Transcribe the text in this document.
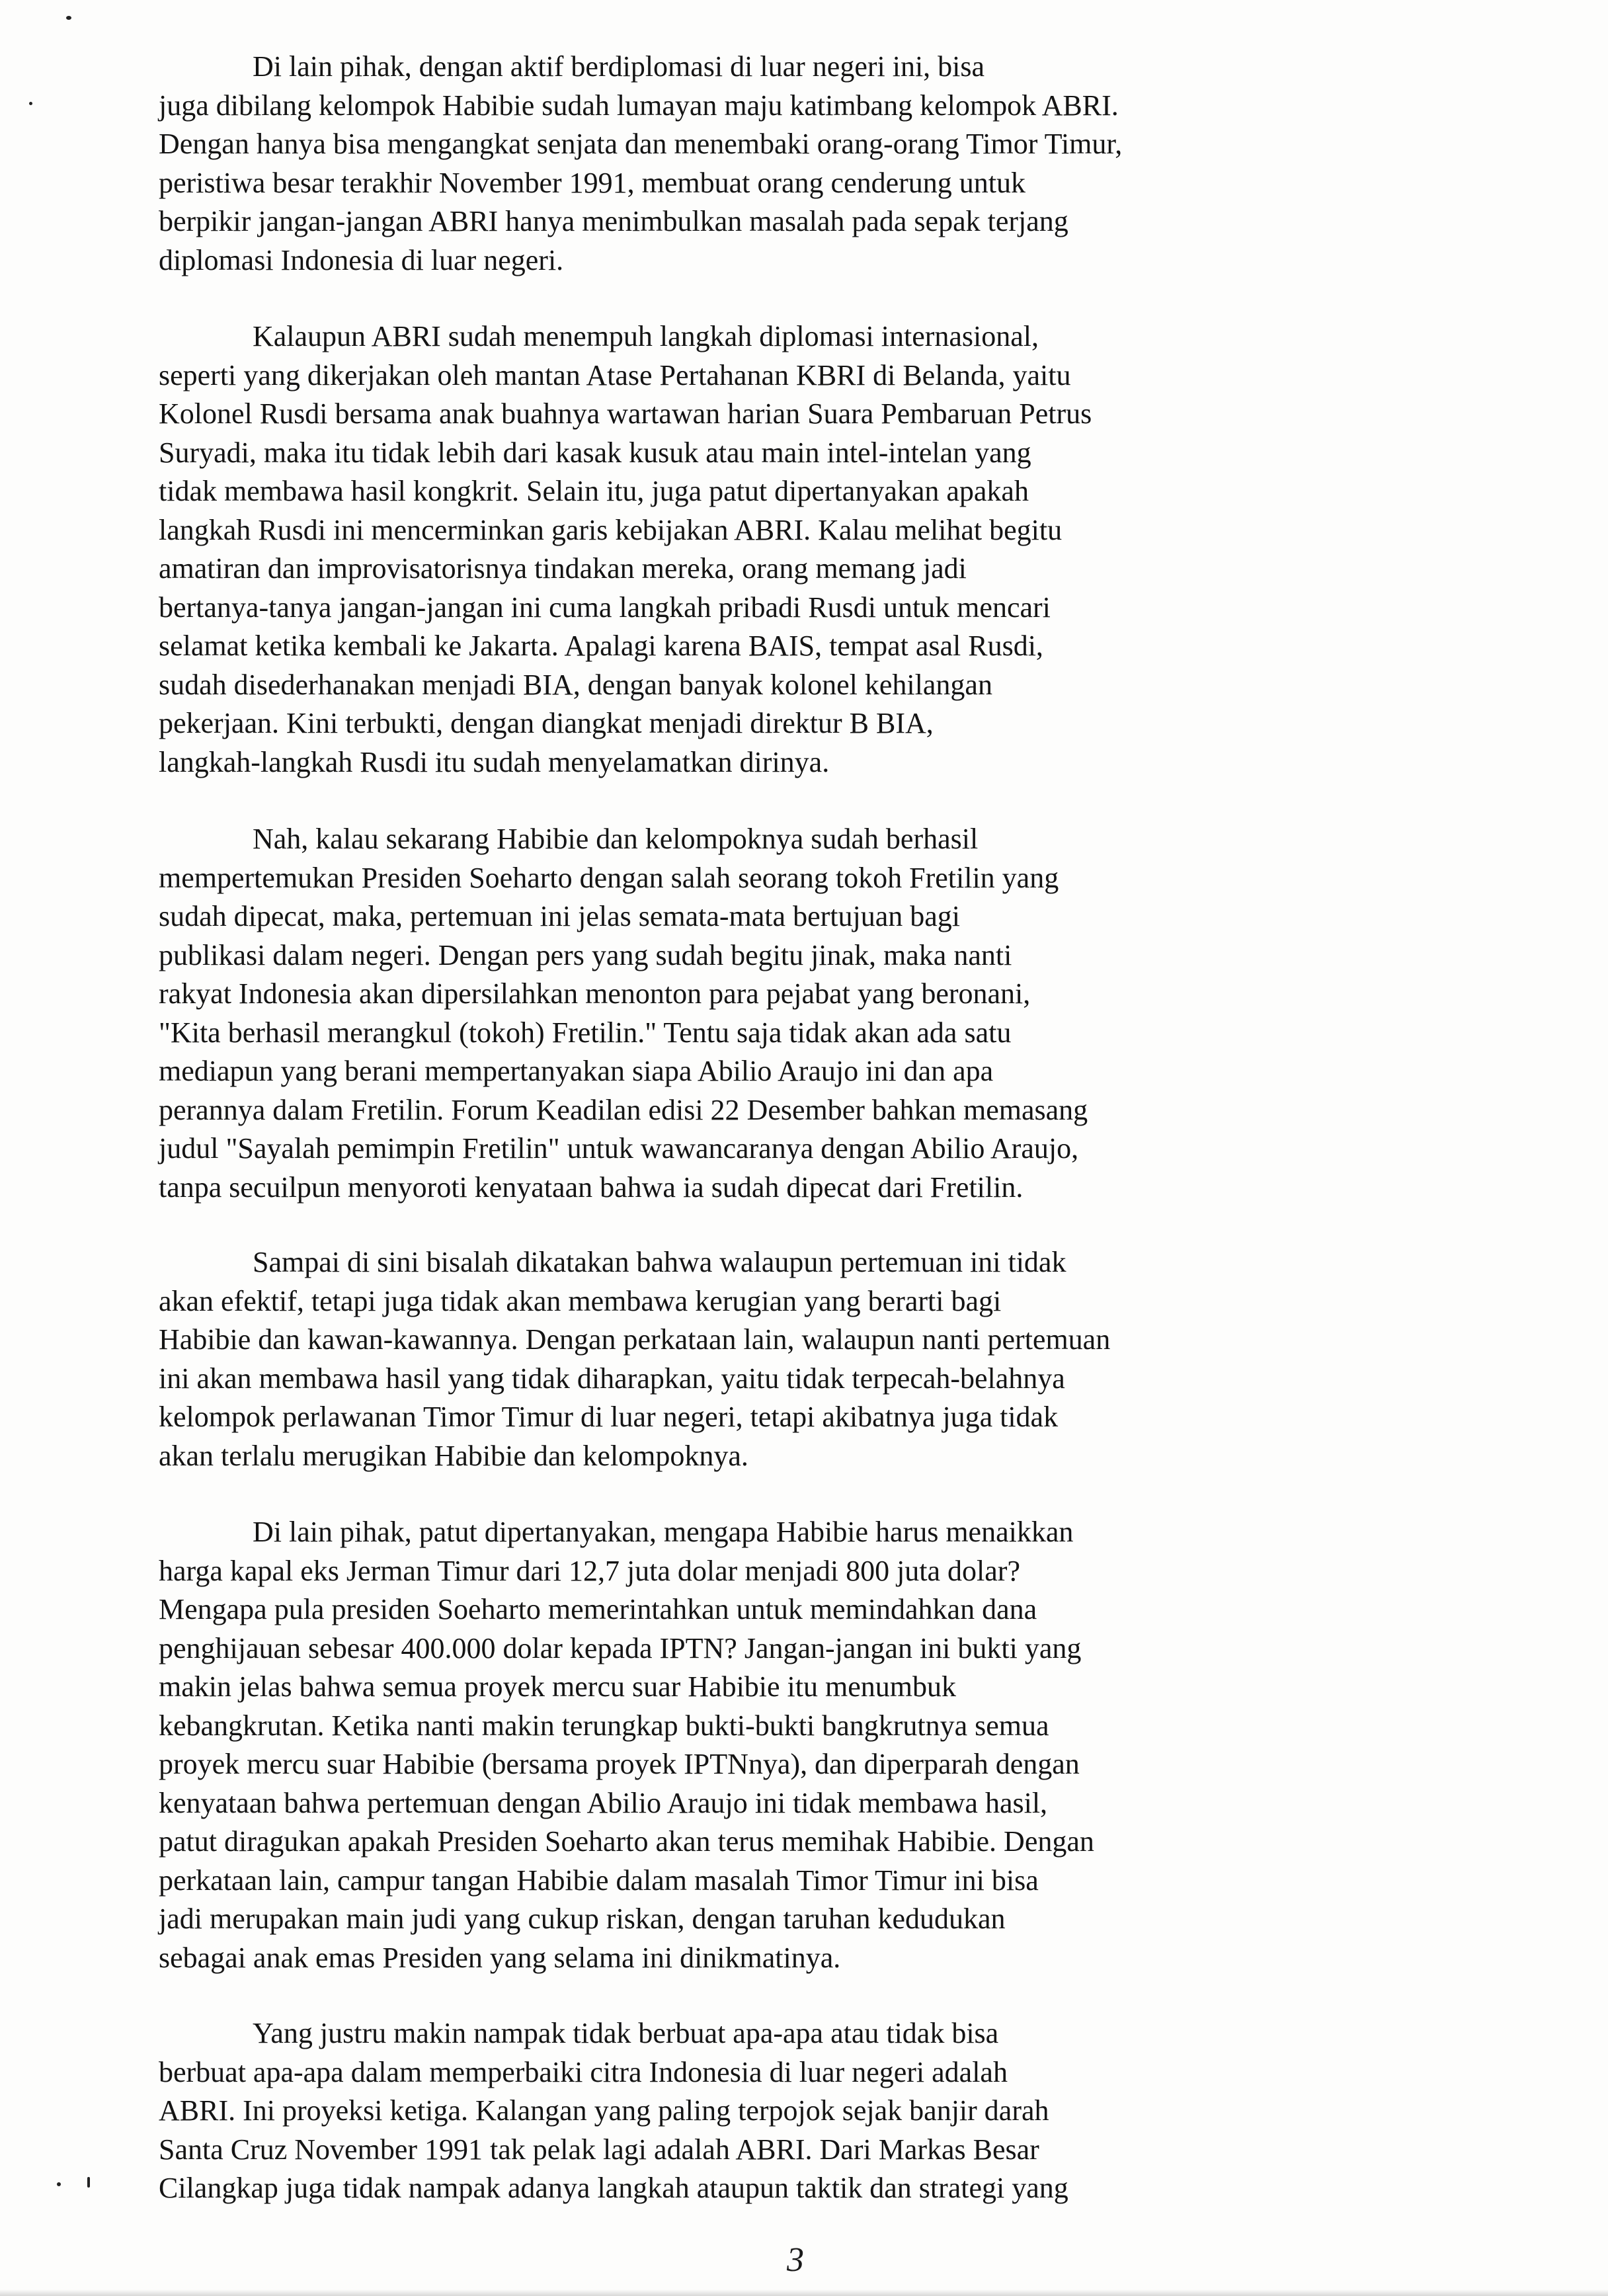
Di lain pihak, dengan aktif berdiplomasi di luar negeri ini, bisa
juga dibilang kelompok Habibie sudah lumayan maju katimbang kelompok ABRI.
Dengan hanya bisa mengangkat senjata dan menembaki orang-orang Timor Timur,
peristiwa besar terakhir November 1991, membuat orang cenderung untuk
berpikir jangan-jangan ABRI hanya menimbulkan masalah pada sepak terjang
diplomasi Indonesia di luar negeri.
Kalaupun ABRI sudah menempuh langkah diplomasi internasional,
seperti yang dikerjakan oleh mantan Atase Pertahanan KBRI di Belanda, yaitu
Kolonel Rusdi bersama anak buahnya wartawan harian Suara Pembaruan Petrus
Suryadi, maka itu tidak lebih dari kasak kusuk atau main intel-intelan yang
tidak membawa hasil kongkrit. Selain itu, juga patut dipertanyakan apakah
langkah Rusdi ini mencerminkan garis kebijakan ABRI. Kalau melihat begitu
amatiran dan improvisatorisnya tindakan mereka, orang memang jadi
bertanya-tanya jangan-jangan ini cuma langkah pribadi Rusdi untuk mencari
selamat ketika kembali ke Jakarta. Apalagi karena BAIS, tempat asal Rusdi,
sudah disederhanakan menjadi BIA, dengan banyak kolonel kehilangan
pekerjaan. Kini terbukti, dengan diangkat menjadi direktur B BIA,
langkah-langkah Rusdi itu sudah menyelamatkan dirinya.
Nah, kalau sekarang Habibie dan kelompoknya sudah berhasil
mempertemukan Presiden Soeharto dengan salah seorang tokoh Fretilin yang
sudah dipecat, maka, pertemuan ini jelas semata-mata bertujuan bagi
publikasi dalam negeri. Dengan pers yang sudah begitu jinak, maka nanti
rakyat Indonesia akan dipersilahkan menonton para pejabat yang beronani,
"Kita berhasil merangkul (tokoh) Fretilin." Tentu saja tidak akan ada satu
mediapun yang berani mempertanyakan siapa Abilio Araujo ini dan apa
perannya dalam Fretilin. Forum Keadilan edisi 22 Desember bahkan memasang
judul "Sayalah pemimpin Fretilin" untuk wawancaranya dengan Abilio Araujo,
tanpa secuilpun menyoroti kenyataan bahwa ia sudah dipecat dari Fretilin.
Sampai di sini bisalah dikatakan bahwa walaupun pertemuan ini tidak
akan efektif, tetapi juga tidak akan membawa kerugian yang berarti bagi
Habibie dan kawan-kawannya. Dengan perkataan lain, walaupun nanti pertemuan
ini akan membawa hasil yang tidak diharapkan, yaitu tidak terpecah-belahnya
kelompok perlawanan Timor Timur di luar negeri, tetapi akibatnya juga tidak
akan terlalu merugikan Habibie dan kelompoknya.
Di lain pihak, patut dipertanyakan, mengapa Habibie harus menaikkan
harga kapal eks Jerman Timur dari 12,7 juta dolar menjadi 800 juta dolar?
Mengapa pula presiden Soeharto memerintahkan untuk memindahkan dana
penghijauan sebesar 400.000 dolar kepada IPTN? Jangan-jangan ini bukti yang
makin jelas bahwa semua proyek mercu suar Habibie itu menumbuk
kebangkrutan. Ketika nanti makin terungkap bukti-bukti bangkrutnya semua
proyek mercu suar Habibie (bersama proyek IPTNnya), dan diperparah dengan
kenyataan bahwa pertemuan dengan Abilio Araujo ini tidak membawa hasil,
patut diragukan apakah Presiden Soeharto akan terus memihak Habibie. Dengan
perkataan lain, campur tangan Habibie dalam masalah Timor Timur ini bisa
jadi merupakan main judi yang cukup riskan, dengan taruhan kedudukan
sebagai anak emas Presiden yang selama ini dinikmatinya.
Yang justru makin nampak tidak berbuat apa-apa atau tidak bisa
berbuat apa-apa dalam memperbaiki citra Indonesia di luar negeri adalah
ABRI. Ini proyeksi ketiga. Kalangan yang paling terpojok sejak banjir darah
Santa Cruz November 1991 tak pelak lagi adalah ABRI. Dari Markas Besar
Cilangkap juga tidak nampak adanya langkah ataupun taktik dan strategi yang
3
